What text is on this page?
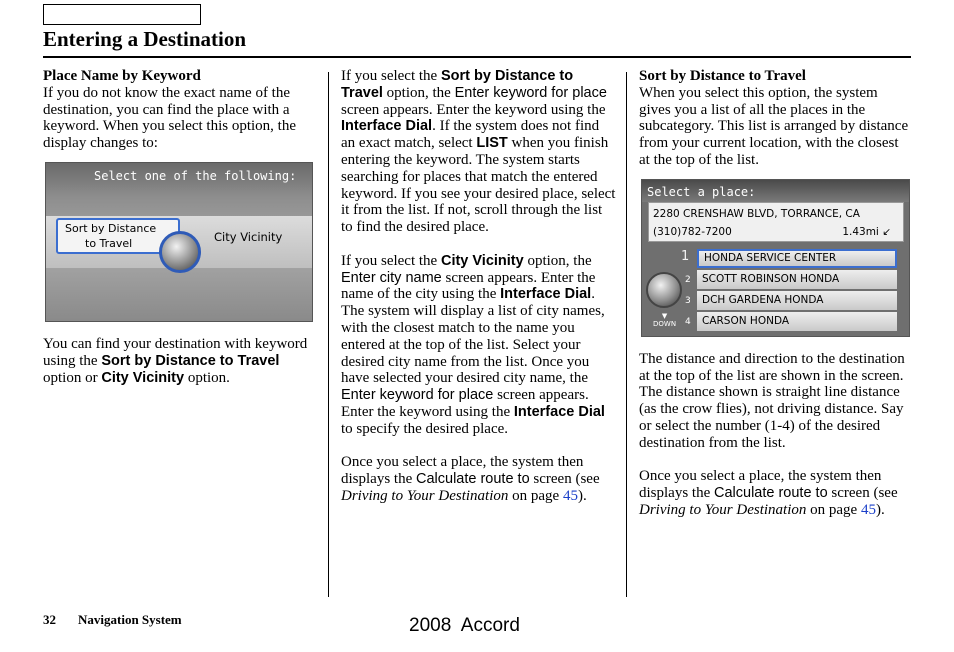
Entering a Destination
Place Name by Keyword
If you do not know the exact name of the destination, you can find the place with a keyword. When you select this option, the display changes to:
Select one of the following:
Sort by Distance
to Travel	City Vicinity

You can find your destination with keyword using the Sort by Distance to Travel option or City Vicinity option.

If you select the Sort by Distance to Travel option, the Enter keyword for place screen appears. Enter the keyword using the Interface Dial. If the system does not find an exact match, select LIST when you finish entering the keyword. The system starts searching for places that match the entered keyword. If you see your desired place, select it from the list. If not, scroll through the list to find the desired place.

If you select the City Vicinity option, the Enter city name screen appears. Enter the name of the city using the Interface Dial. The system will display a list of city names, with the closest match to the name you entered at the top of the list. Select your desired city name from the list. Once you have selected your desired city name, the Enter keyword for place screen appears. Enter the keyword using the Interface Dial to specify the desired place.

Once you select a place, the system then displays the Calculate route to screen (see Driving to Your Destination on page 45).

Sort by Distance to Travel
When you select this option, the system gives you a list of all the places in the subcategory. This list is arranged by distance from your current location, with the closest at the top of the list.
Select a place:
2280 CRENSHAW BLVD, TORRANCE, CA
(310)782-7200	1.43mi ↙
1	HONDA SERVICE CENTER
2	SCOTT ROBINSON HONDA
3	DCH GARDENA HONDA
4	CARSON HONDA
▼
DOWN

The distance and direction to the destination at the top of the list are shown in the screen. The distance shown is straight line distance (as the crow flies), not driving distance. Say or select the number (1-4) of the desired destination from the list.

Once you select a place, the system then displays the Calculate route to screen (see Driving to Your Destination on page 45).

32 Navigation System	2008  Accord
